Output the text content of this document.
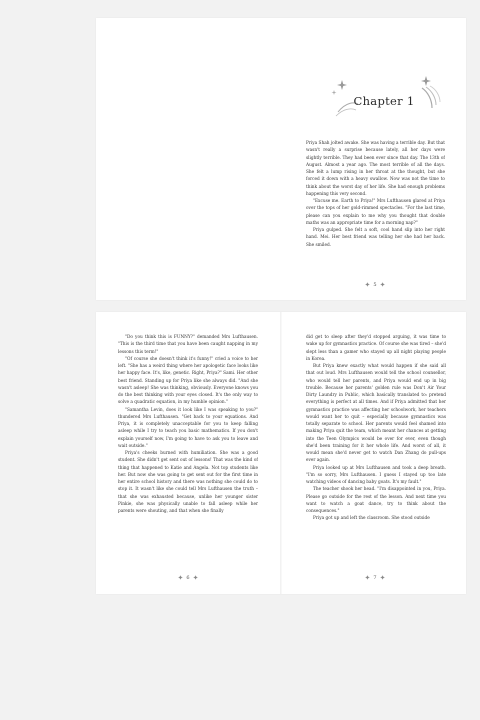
Chapter 1

Priya Shah jolted awake. She was having a terrible day. But that wasn't really a surprise because lately, all her days were slightly terrible. They had been ever since that day. The 13th of August. Almost a year ago. The most terrible of all the days. She felt a lump rising in her throat at the thought, but she forced it down with a heavy swallow. Now was not the time to think about the worst day of her life. She had enough problems happening this very second.

"Excuse me. Earth to Priya!" Mrs Lufthausen glared at Priya over the tops of her gold-rimmed spectacles. "For the last time, please can you explain to me why you thought that double maths was an appropriate time for a morning nap?"

Priya gulped. She felt a soft, cool hand slip into her right hand. Mei. Her best friend was telling her she had her back. She smiled.

✦ 5 ✦

"Do you think this is FUNNY?" demanded Mrs Lufthausen. "This is the third time that you have been caught napping in my lessons this term!"

"Of course she doesn't think it's funny!" cried a voice to her left. "She has a weird thing where her apologetic face looks like her happy face. It's, like, genetic. Right, Priya?" Sami. Her other best friend. Standing up for Priya like she always did. "And she wasn't asleep! She was thinking, obviously. Everyone knows you do the best thinking with your eyes closed. It's the only way to solve a quadratic equation, in my humble opinion."

"Samantha Levin, does it look like I was speaking to you?" thundered Mrs Lufthausen. "Get back to your equations. And Priya, it is completely unacceptable for you to keep falling asleep while I try to teach you basic mathematics. If you don't explain yourself now, I'm going to have to ask you to leave and wait outside."

Priya's cheeks burned with humiliation. She was a good student. She didn't get sent out of lessons! That was the kind of thing that happened to Katie and Angela. Not top students like her. But now she was going to get sent out for the first time in her entire school history and there was nothing she could do to stop it. It wasn't like she could tell Mrs Lufthausen the truth – that she was exhausted because, unlike her younger sister Pinkie, she was physically unable to fall asleep while her parents were shouting, and that when she finally

✦ 6 ✦

did get to sleep after they'd stopped arguing, it was time to wake up for gymnastics practice. Of course she was tired – she'd slept less than a gamer who stayed up all night playing people in Korea.

But Priya knew exactly what would happen if she said all that out loud. Mrs Lufthausen would tell the school counsellor, who would tell her parents, and Priya would end up in big trouble. Because her parents' golden rule was Don't Air Your Dirty Laundry in Public, which basically translated to: pretend everything is perfect at all times. And if Priya admitted that her gymnastics practice was affecting her schoolwork, her teachers would want her to quit – especially because gymnastics was totally separate to school. Her parents would feel shamed into making Priya quit the team, which meant her chances at getting into the Teen Olympics would be over for ever, even though she'd been training for it her whole life. And worst of all, it would mean she'd never get to watch Dan Zhang do pull-ups ever again.

Priya looked up at Mrs Lufthausen and took a deep breath. "I'm so sorry, Mrs Lufthausen. I guess I stayed up too late watching videos of dancing baby goats. It's my fault."

The teacher shook her head. "I'm disappointed in you, Priya. Please go outside for the rest of the lesson. And next time you want to watch a goat dance, try to think about the consequences."

Priya got up and left the classroom. She stood outside

✦ 7 ✦
